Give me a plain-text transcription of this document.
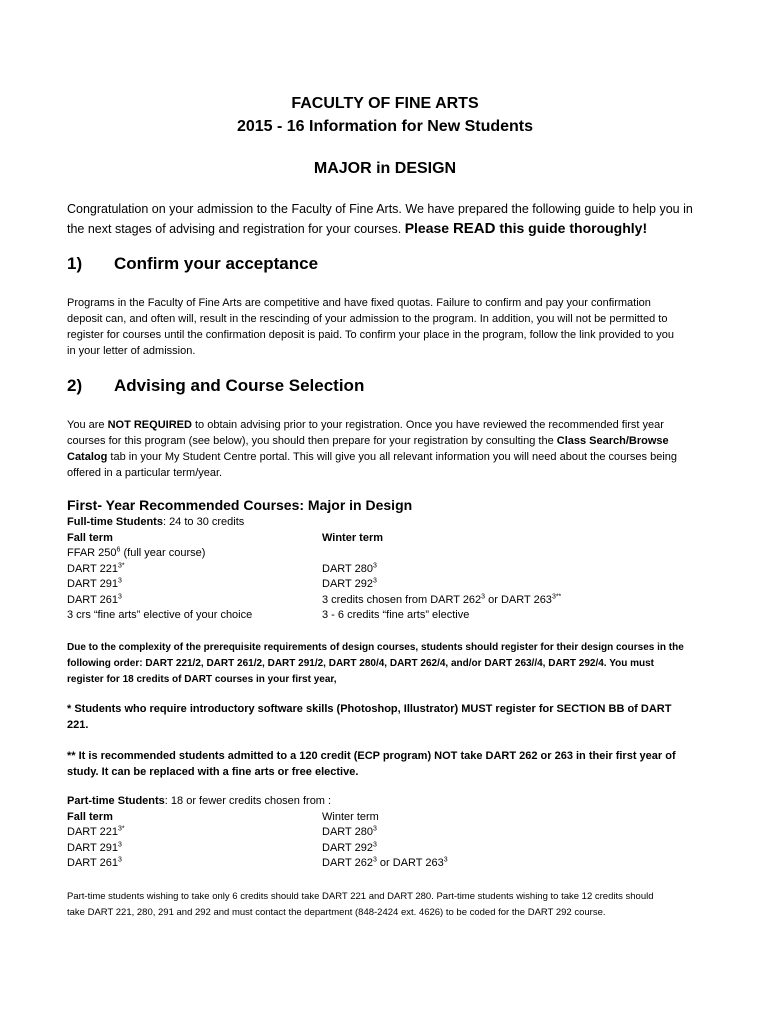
FACULTY OF FINE ARTS
2015 - 16 Information for New Students
MAJOR in DESIGN
Congratulation on your admission to the Faculty of Fine Arts. We have prepared the following guide to help you in
the next stages of advising and registration for your courses. Please READ this guide thoroughly!
1) Confirm your acceptance
Programs in the Faculty of Fine Arts are competitive and have fixed quotas. Failure to confirm and pay your confirmation
deposit can, and often will, result in the rescinding of your admission to the program. In addition, you will not be permitted to
register for courses until the confirmation deposit is paid. To confirm your place in the program, follow the link provided to you
in your letter of admission.
2) Advising and Course Selection
You are NOT REQUIRED to obtain advising prior to your registration. Once you have reviewed the recommended first year
courses for this program (see below), you should then prepare for your registration by consulting the Class Search/Browse
Catalog tab in your My Student Centre portal. This will give you all relevant information you will need about the courses being
offered in a particular term/year.
First- Year Recommended Courses: Major in Design
Full-time Students: 24 to 30 credits
Fall term	Winter term
FFAR $250^6$ (full year course)
DART $221^{3*}$
DART $291^3$
DART $261^3$
3 crs “fine arts” elective of your choice
DART $280^3$
DART $292^3$
3 credits chosen from DART $262^3$ or DART $263^{3**}$
3 - 6 credits “fine arts” elective
Due to the complexity of the prerequisite requirements of design courses, students should register for their design courses in the
following order: DART 221/2, DART 261/2, DART 291/2, DART 280/4, DART 262/4, and/or DART 263//4, DART 292/4. You must
register for 18 credits of DART courses in your first year,
* Students who require introductory software skills (Photoshop, Illustrator) MUST register for SECTION BB of DART
221.
** It is recommended students admitted to a 120 credit (ECP program) NOT take DART 262 or 263 in their first year of
study. It can be replaced with a fine arts or free elective.
Part-time Students: 18 or fewer credits chosen from :
Fall term	Winter term
DART $221^{3*}$
DART $291^3$
DART $261^3$
DART $280^3$
DART $292^3$
DART $262^3$ or DART $263^3$
Part-time students wishing to take only 6 credits should take DART 221 and DART 280. Part-time students wishing to take 12 credits should
take DART 221, 280, 291 and 292 and must contact the department (848-2424 ext. 4626) to be coded for the DART 292 course.
